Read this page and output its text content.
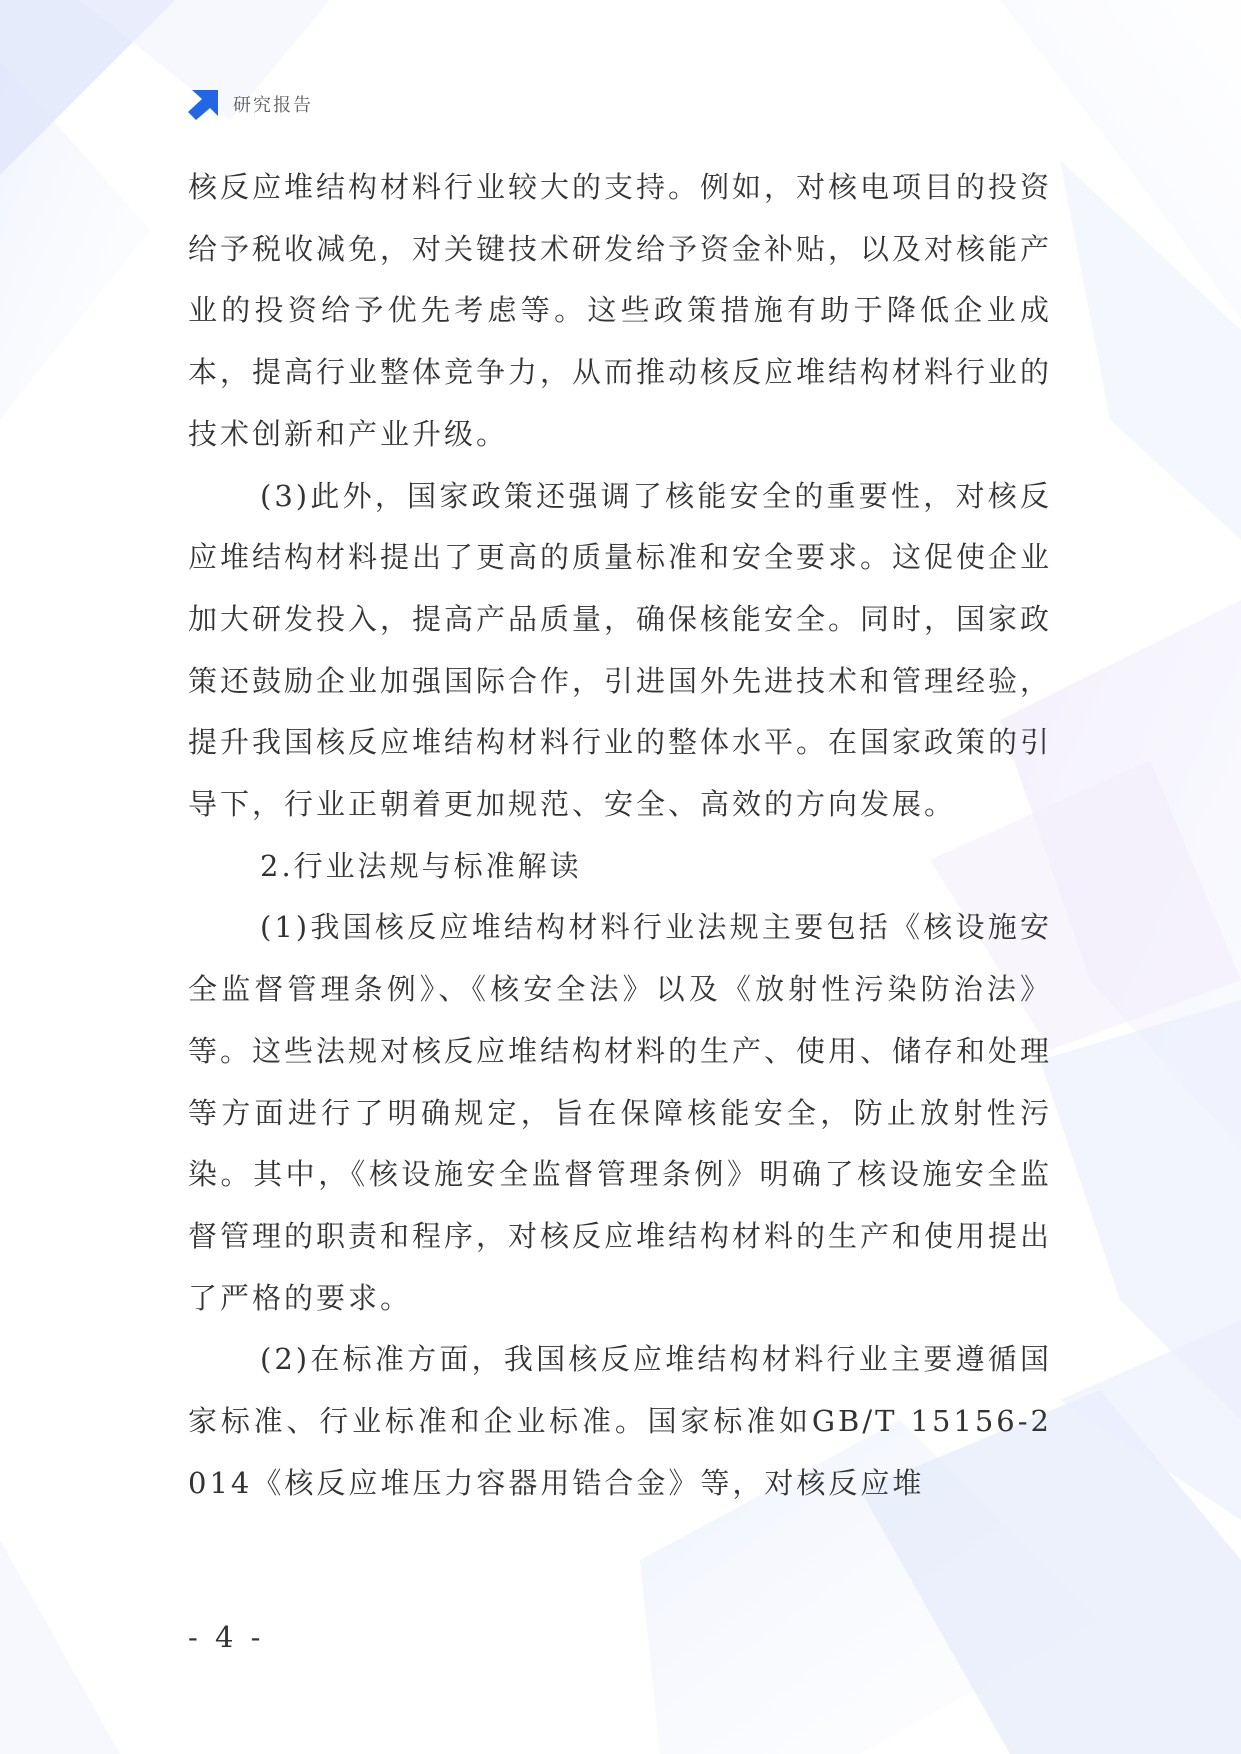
研究报告

核反应堆结构材料行业较大的支持。例如，对核电项目的投资给予税收减免，对关键技术研发给予资金补贴，以及对核能产业的投资给予优先考虑等。这些政策措施有助于降低企业成本，提高行业整体竞争力，从而推动核反应堆结构材料行业的技术创新和产业升级。

(3)此外，国家政策还强调了核能安全的重要性，对核反应堆结构材料提出了更高的质量标准和安全要求。这促使企业加大研发投入，提高产品质量，确保核能安全。同时，国家政策还鼓励企业加强国际合作，引进国外先进技术和管理经验，提升我国核反应堆结构材料行业的整体水平。在国家政策的引导下，行业正朝着更加规范、安全、高效的方向发展。

2.行业法规与标准解读

(1)我国核反应堆结构材料行业法规主要包括《核设施安全监督管理条例》、《核安全法》以及《放射性污染防治法》等。这些法规对核反应堆结构材料的生产、使用、储存和处理等方面进行了明确规定，旨在保障核能安全，防止放射性污染。其中，《核设施安全监督管理条例》明确了核设施安全监督管理的职责和程序，对核反应堆结构材料的生产和使用提出了严格的要求。

(2)在标准方面，我国核反应堆结构材料行业主要遵循国家标准、行业标准和企业标准。国家标准如GB/T 15156-2014《核反应堆压力容器用锆合金》等，对核反应堆

- 4 -
